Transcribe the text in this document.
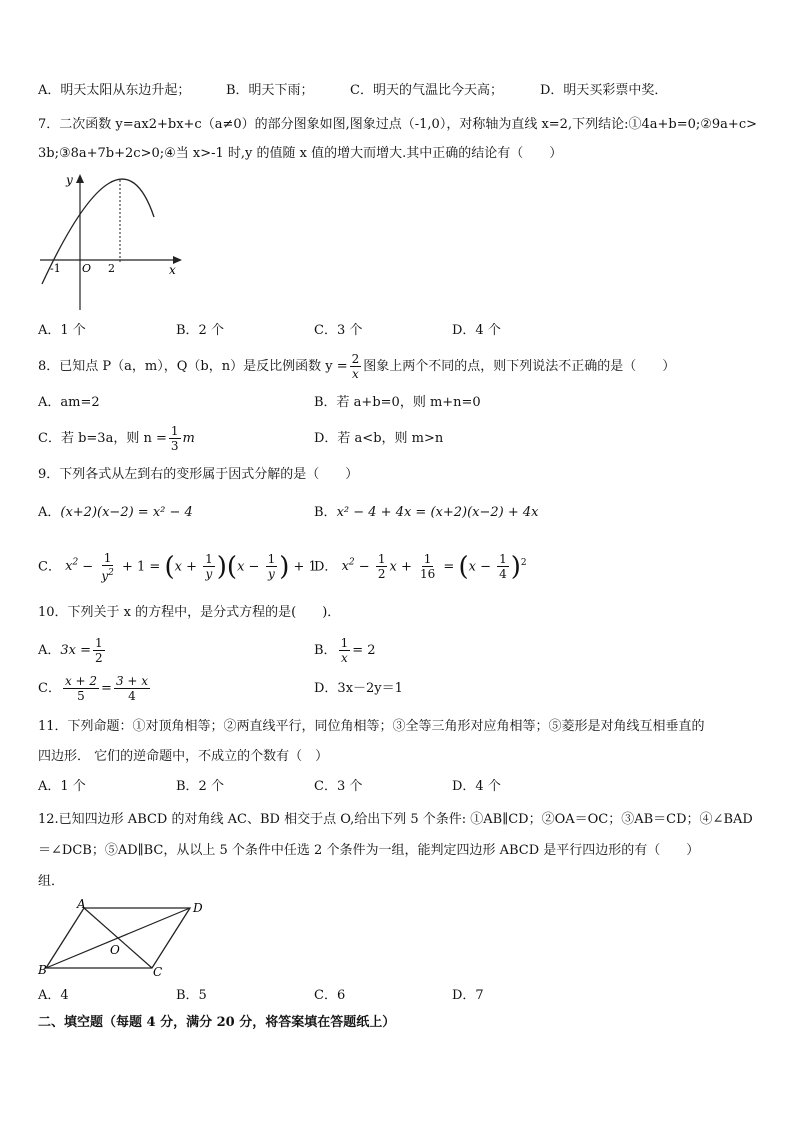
A．明天太阳从东边升起；	B．明天下雨；	C．明天的气温比今天高；	D．明天买彩票中奖．
7．二次函数 y=ax2+bx+c（a≠0）的部分图象如图,图象过点（-1,0），对称轴为直线 x=2,下列结论:①4a+b=0;②9a+c>
3b;③8a+7b+2c>0;④当 x>-1 时,y 的值随 x 值的增大而增大.其中正确的结论有（　　）
y
x
-1 O 2
A．1 个	B．2 个	C．3 个	D．4 个
8．已知点 P（a，m），Q（b，n）是反比例函数 $y = \frac{2}{x}$ 图象上两个不同的点，则下列说法不正确的是（　　）
A．am=2	B．若 a+b=0，则 m+n=0
C．若 b=3a，则 $n = \frac{1}{3}$ m	D．若 a<b，则 m>n
9．下列各式从左到右的变形属于因式分解的是（　　）
A．(x+2)(x−2) = x² − 4	B．x² − 4 + 4x = (x+2)(x−2) + 4x
C． $x^2 - \frac{1}{y^2} + 1 = (x + \frac{1}{y} )(x - \frac{1}{y}$ ) + 1
D． $x^2 - \frac{1}{2}$ $x + \frac{1}{16} = (x - \frac{1}{4} )^2$
10．下列关于 x 的方程中，是分式方程的是(　　)．
A．$3x = \frac{1}{2}$	B． $\frac{1}{x} = 2$
C． $\frac{x + 2}{5} = \frac{3 + x}{4}$	D．3x－2y＝1
11．下列命题：①对顶角相等；②两直线平行，同位角相等；③全等三角形对应角相等；⑤菱形是对角线互相垂直的
四边形． 它们的逆命题中，不成立的个数有（　）
A．1 个	B．2 个	C．3 个	D．4 个
12.已知四边形 ABCD 的对角线 AC、BD 相交于点 O,给出下列 5 个条件: ①AB∥CD；②OA＝OC；③AB＝CD；④∠BAD
＝∠DCB；⑤AD∥BC，从以上 5 个条件中任选 2 个条件为一组，能判定四边形 ABCD 是平行四边形的有（　　）
组．
A	D
B	C
O
A．4	B．5	C．6	D．7
二、填空题（每题 4 分，满分 20 分，将答案填在答题纸上）
